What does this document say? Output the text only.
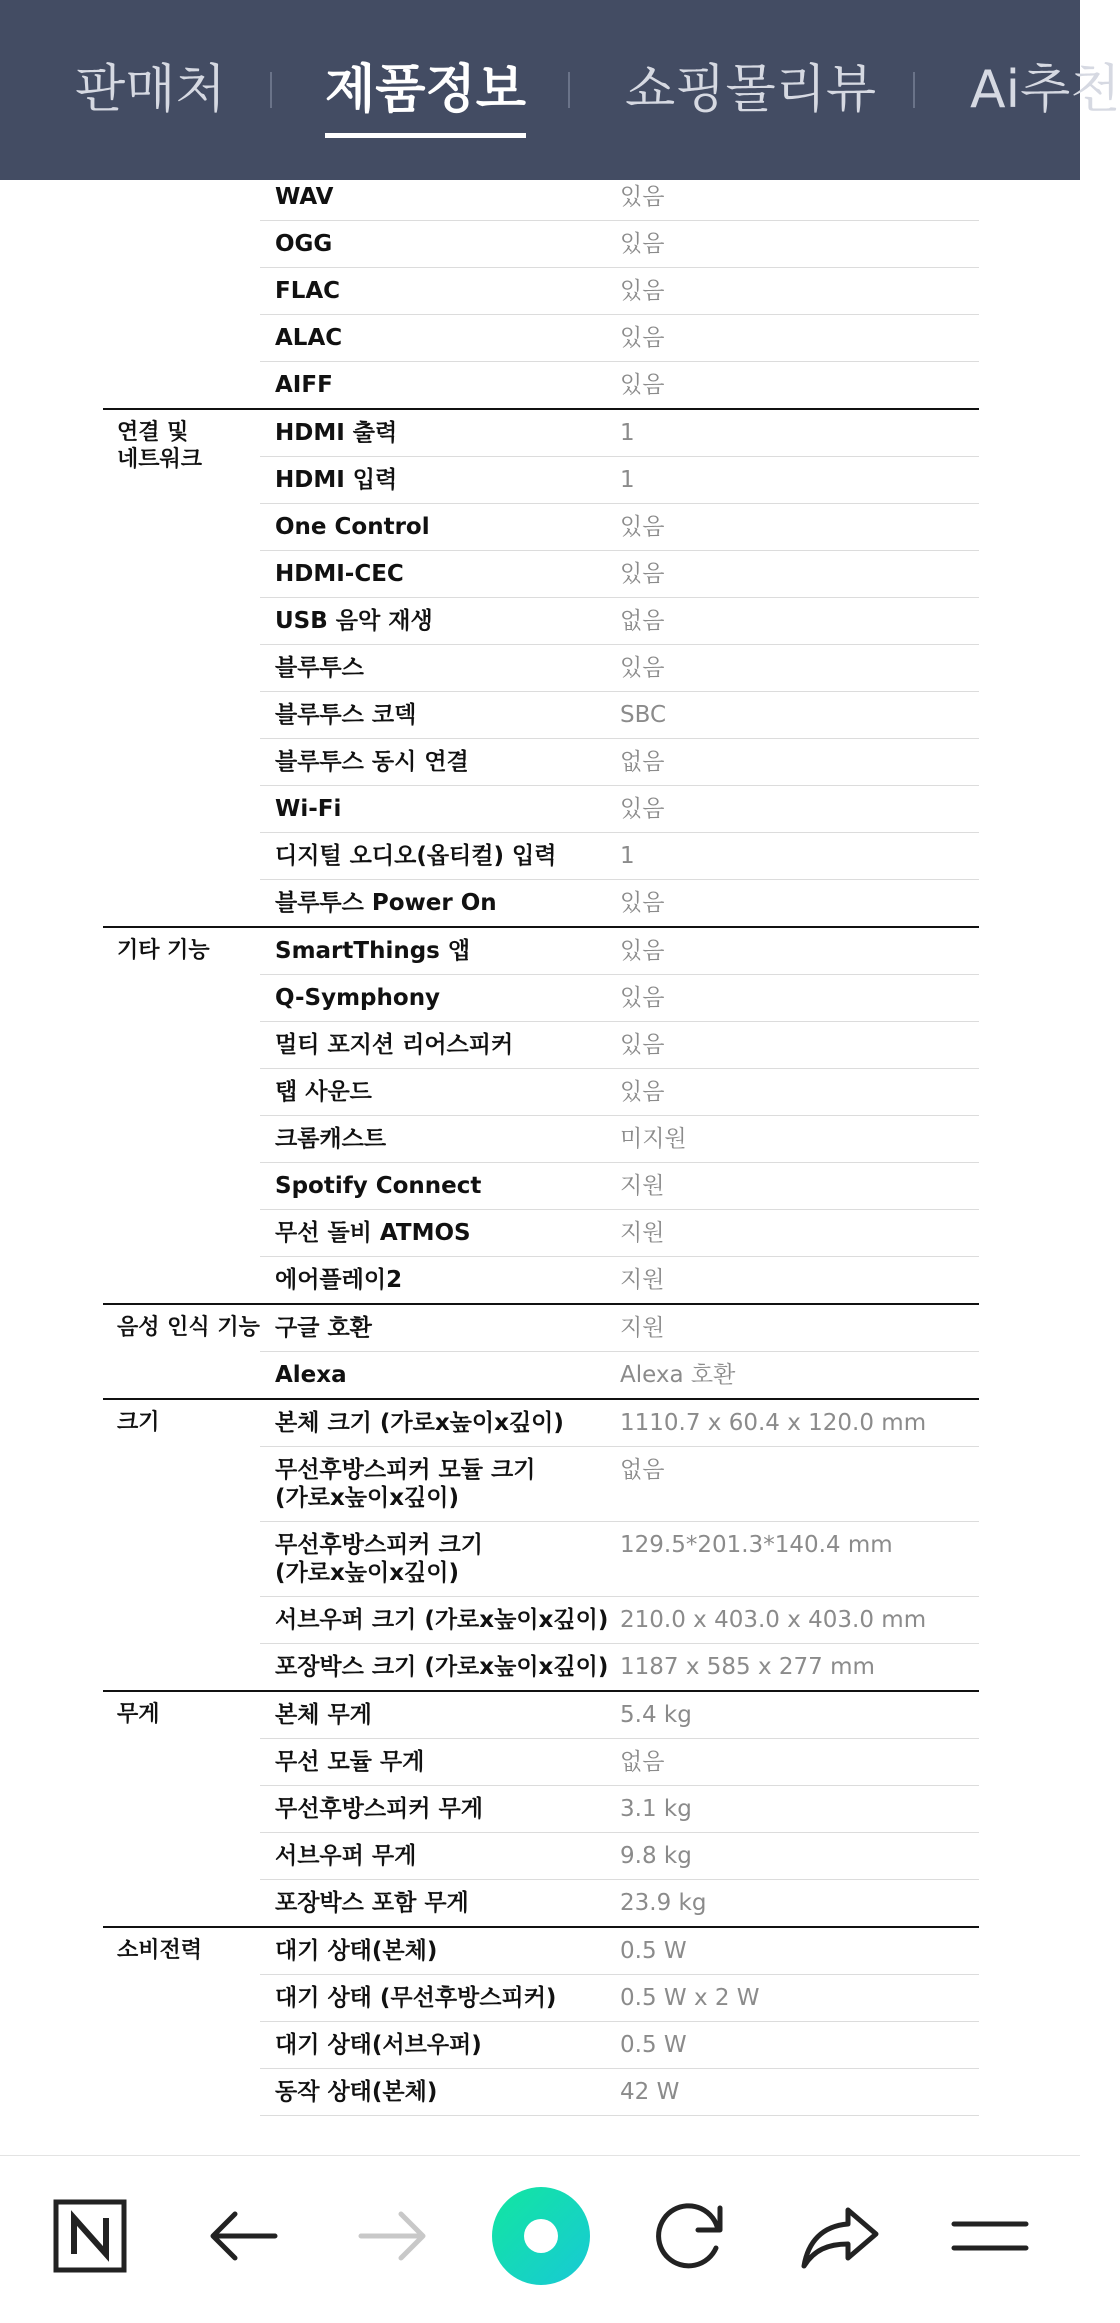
판매처 제품정보 쇼핑몰리뷰 Ai추천
	WAV	있음
	OGG	있음
	FLAC	있음
	ALAC	있음
	AIFF	있음
연결 및
네트워크	HDMI 출력	1
	HDMI 입력	1
	One Control	있음
	HDMI-CEC	있음
	USB 음악 재생	없음
	블루투스	있음
	블루투스 코덱	SBC
	블루투스 동시 연결	없음
	Wi-Fi	있음
	디지털 오디오(옵티컬) 입력	1
	블루투스 Power On	있음
기타 기능	SmartThings 앱	있음
	Q-Symphony	있음
	멀티 포지션 리어스피커	있음
	탭 사운드	있음
	크롬캐스트	미지원
	Spotify Connect	지원
	무선 돌비 ATMOS	지원
	에어플레이2	지원
음성 인식 기능	구글 호환	지원
	Alexa	Alexa 호환
크기	본체 크기 (가로x높이x깊이)	1110.7 x 60.4 x 120.0 mm
	무선후방스피커 모듈 크기
(가로x높이x깊이)	없음
	무선후방스피커 크기
(가로x높이x깊이)	129.5*201.3*140.4 mm
	서브우퍼 크기 (가로x높이x깊이)	210.0 x 403.0 x 403.0 mm
	포장박스 크기 (가로x높이x깊이)	1187 x 585 x 277 mm
무게	본체 무게	5.4 kg
	무선 모듈 무게	없음
	무선후방스피커 무게	3.1 kg
	서브우퍼 무게	9.8 kg
	포장박스 포함 무게	23.9 kg
소비전력	대기 상태(본체)	0.5 W
	대기 상태 (무선후방스피커)	0.5 W x 2 W
	대기 상태(서브우퍼)	0.5 W
	동작 상태(본체)	42 W
